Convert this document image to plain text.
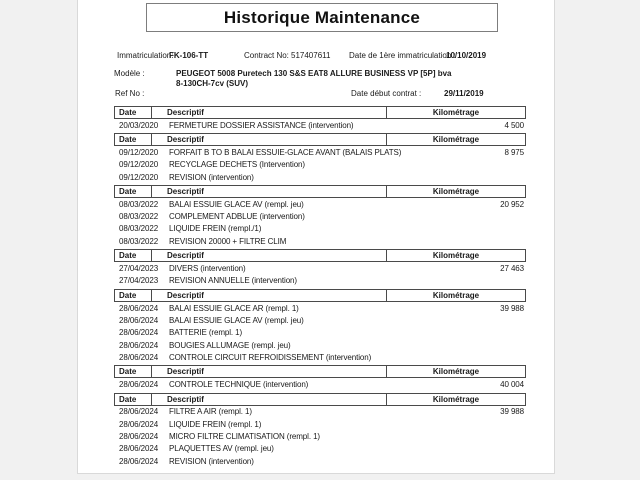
Historique Maintenance
Immatriculation:
FK-106-TT	Contract No: 517407611 Date de 1ère immatriculation :
10/10/2019
Modèle :	PEUGEOT 5008 Puretech 130 S&S EAT8 ALLURE BUSINESS VP [5P] bva
8-130CH-7cv (SUV)
Ref No :	Date début contrat :	29/11/2019
Date	Descriptif	Kilométrage
20/03/2020	FERMETURE DOSSIER ASSISTANCE (intervention)	4 500
Date	Descriptif	Kilométrage
09/12/2020	FORFAIT B TO B BALAI ESSUIE-GLACE AVANT (BALAIS PLATS)	8 975
09/12/2020	RECYCLAGE DECHETS (Intervention)
09/12/2020	REVISION (intervention)
Date	Descriptif	Kilométrage
08/03/2022	BALAI ESSUIE GLACE AV (rempl. jeu)	20 952
08/03/2022	COMPLEMENT ADBLUE (intervention)
08/03/2022	LIQUIDE FREIN (rempl./1)
08/03/2022	REVISION 20000 + FILTRE CLIM
Date	Descriptif	Kilométrage
27/04/2023	DIVERS (intervention)	27 463
27/04/2023	REVISION ANNUELLE (intervention)
Date	Descriptif	Kilométrage
28/06/2024	BALAI ESSUIE GLACE AR (rempl. 1)	39 988
28/06/2024	BALAI ESSUIE GLACE AV (rempl. jeu)
28/06/2024	BATTERIE (rempl. 1)
28/06/2024	BOUGIES ALLUMAGE (rempl. jeu)
28/06/2024	CONTROLE CIRCUIT REFROIDISSEMENT (intervention)
Date	Descriptif	Kilométrage
28/06/2024	CONTROLE TECHNIQUE (intervention)	40 004
Date	Descriptif	Kilométrage
28/06/2024	FILTRE A AIR (rempl. 1)	39 988
28/06/2024	LIQUIDE FREIN (rempl. 1)
28/06/2024	MICRO FILTRE CLIMATISATION (rempl. 1)
28/06/2024	PLAQUETTES AV (rempl. jeu)
28/06/2024	REVISION (intervention)
